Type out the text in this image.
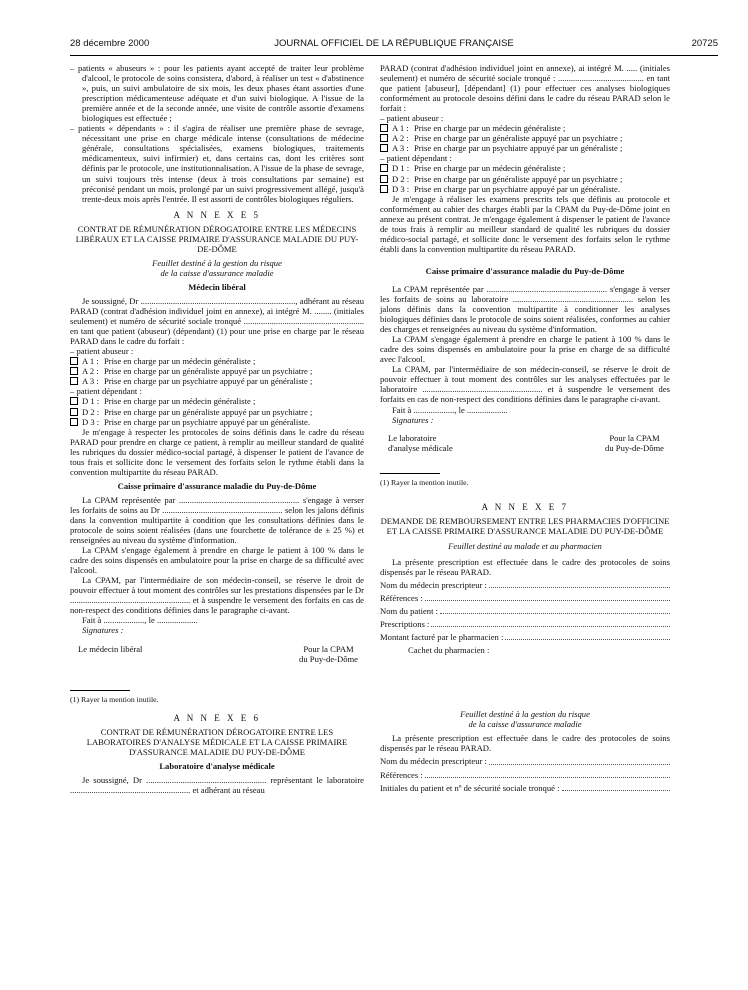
28 décembre 2000	JOURNAL OFFICIEL DE LA RÉPUBLIQUE FRANÇAISE	20725

– patients « abuseurs » : pour les patients ayant accepté de traiter leur problème d'alcool, le protocole de soins consistera, d'abord, à réaliser un test « d'abstinence », puis, un suivi ambulatoire de six mois, les deux phases étant assorties d'une prescription médicamenteuse adéquate et d'un suivi biologique. A l'issue de la première année et de la seconde année, une visite de contrôle assortie d'examens biologiques est effectuée ;

– patients « dépendants » : il s'agira de réaliser une première phase de sevrage, nécessitant une prise en charge médicale intense (consultations de médecine générale, consultations spécialisées, examens biologiques, traitements médicamenteux, suivi infirmier) et, dans certains cas, dont les critères sont définis par le protocole, une institutionnalisation. A l'issue de la phase de sevrage, un suivi toujours très intense (deux à trois consultations par semaine) est préconisé pendant un mois, prolongé par un suivi progressivement allégé, jusqu'à trente-deux mois après l'entrée. Il est assorti de contrôles biologiques réguliers.

A N N E X E 5
CONTRAT DE RÉMUNÉRATION DÉROGATOIRE ENTRE LES MÉDECINS LIBÉRAUX ET LA CAISSE PRIMAIRE D'ASSURANCE MALADIE DU PUY-DE-DÔME
Feuillet destiné à la gestion du risque
de la caisse d'assurance maladie
Médecin libéral

Je soussigné, Dr ........................................................................, adhérant au réseau PARAD (contrat d'adhésion individuel joint en annexe), ai intégré M. ........ (initiales seulement) et numéro de sécurité sociale tronqué ........................................................ en tant que patient (abuseur) (dépendant) (1) pour une prise en charge par le réseau PARAD dans le cadre du forfait :

– patient abuseur :

A 1 : Prise en charge par un médecin généraliste ;
A 2 : Prise en charge par un généraliste appuyé par un psychiatre ;
A 3 : Prise en charge par un psychiatre appuyé par un généraliste ;

– patient dépendant :

D 1 : Prise en charge par un médecin généraliste ;
D 2 : Prise en charge par un généraliste appuyé par un psychiatre ;
D 3 : Prise en charge par un psychiatre appuyé par un généraliste.

Je m'engage à respecter les protocoles de soins définis dans le cadre du réseau PARAD pour prendre en charge ce patient, à remplir au meilleur standard de qualité les rubriques du dossier médico-social partagé, à dispenser le patient de l'avance de tous frais et sollicite donc le versement des forfaits selon le rythme établi dans la convention multipartite du réseau PARAD.

Caisse primaire d'assurance maladie du Puy-de-Dôme

La CPAM représentée par ........................................................ s'engage à verser les forfaits de soins au Dr ........................................................ selon les jalons définis dans la convention multipartite à condition que les consultations définies dans le protocole de soins soient réalisées (dans une fourchette de tolérance de ± 25 %) et renseignées au niveau du système d'information.

La CPAM s'engage également à prendre en charge le patient à 100 % dans le cadre des soins dispensés en ambulatoire pour la prise en charge de sa difficulté avec l'alcool.

La CPAM, par l'intermédiaire de son médecin-conseil, se réserve le droit de pouvoir effectuer à tout moment des contrôles sur les prestations dispensées par le Dr ........................................................ et à suspendre le versement des forfaits en cas de non-respect des conditions définies dans le paragraphe ci-avant.

Fait à ..................., le ...................

Signatures :

Le médecin libéral	Pour la CPAM
du Puy-de-Dôme

(1) Rayer la mention inutile.

A N N E X E 6
CONTRAT DE RÉMUNÉRATION DÉROGATOIRE ENTRE LES LABORATOIRES D'ANALYSE MÉDICALE ET LA CAISSE PRIMAIRE D'ASSURANCE MALADIE DU PUY-DE-DÔME
Laboratoire d'analyse médicale

Je soussigné, Dr ........................................................ représentant le laboratoire ........................................................ et adhérant au réseau

PARAD (contrat d'adhésion individuel joint en annexe), ai intégré M. ..... (initiales seulement) et numéro de sécurité sociale tronqué : ........................................ en tant que patient [abuseur], [dépendant] (1) pour effectuer ces analyses biologiques conformément au protocole desoins défini dans le cadre du réseau PARAD selon le forfait :

– patient abuseur :

A 1 : Prise en charge par un médecin généraliste ;
A 2 : Prise en charge par un généraliste appuyé par un psychiatre ;
A 3 : Prise en charge par un psychiatre appuyé par un généraliste ;

– patient dépendant :

D 1 : Prise en charge par un médecin généraliste ;
D 2 : Prise en charge par un généraliste appuyé par un psychiatre ;
D 3 : Prise en charge par un psychiatre appuyé par un généraliste.

Je m'engage à réaliser les examens prescrits tels que définis au protocole et conformément au cahier des charges établi par la CPAM du Puy-de-Dôme joint en annexe au présent contrat. Je m'engage également à dispenser le patient de l'avance de tous frais à remplir au meilleur standard de qualité les rubriques du dossier médico-social partagé, et sollicite donc le versement des forfaits selon le rythme établi dans la convention multipartite du réseau PARAD.

Caisse primaire d'assurance maladie du Puy-de-Dôme

La CPAM représentée par ........................................................ s'engage à verser les forfaits de soins au laboratoire ........................................................ selon les jalons définis dans la convention multipartite à conditionner les analyses biologiques définies dans le protocole de soins soient réalisées, conformes au cahier des charges et renseignées au niveau du système d'information.

La CPAM s'engage également à prendre en charge le patient à 100 % dans le cadre des soins dispensés en ambulatoire pour la prise en charge de sa difficulté avec l'alcool.

La CPAM, par l'intermédiaire de son médecin-conseil, se réserve le droit de pouvoir effectuer à tout moment des contrôles sur les analyses effectuées par le laboratoire ........................................................ et à suspendre le versement des forfaits en cas de non-respect des conditions définies dans le paragraphe ci-avant.

Fait à ..................., le ...................

Signatures :

Le laboratoire
d'analyse médicale
Pour la CPAM
du Puy-de-Dôme

(1) Rayer la mention inutile.

A N N E X E 7
DEMANDE DE REMBOURSEMENT ENTRE LES PHARMACIES D'OFFICINE ET LA CAISSE PRIMAIRE D'ASSURANCE MALADIE DU PUY-DE-DÔME
Feuillet destiné au malade et au pharmacien

La présente prescription est effectuée dans le cadre des protocoles de soins dispensés par le réseau PARAD.

Nom du médecin prescripteur :
Références :
Nom du patient :
Prescriptions :
Montant facturé par le pharmacien :

Cachet du pharmacien :

Feuillet destiné à la gestion du risque
de la caisse d'assurance maladie

La présente prescription est effectuée dans le cadre des protocoles de soins dispensés par le réseau PARAD.

Nom du médecin prescripteur :
Références :
Initiales du patient et nº de sécurité sociale tronqué :
